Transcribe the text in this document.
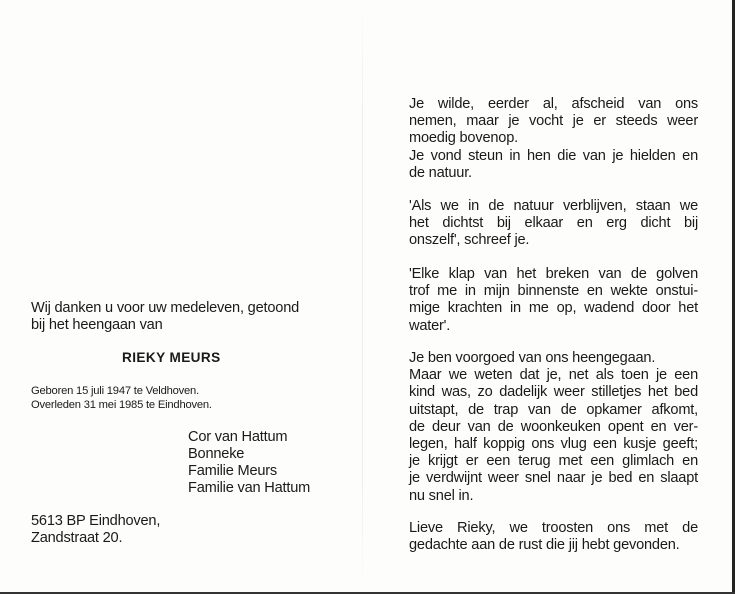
Wij danken u voor uw medeleven, getoond

bij het heengaan van

RIEKY MEURS

Geboren 15 juli 1947 te Veldhoven.

Overleden 31 mei 1985 te Eindhoven.

Cor van Hattum

Bonneke

Familie Meurs

Familie van Hattum

5613 BP Eindhoven,

Zandstraat 20.

Je wilde, eerder al, afscheid van ons
nemen, maar je vocht je er steeds weer
moedig bovenop.
Je vond steun in hen die van je hielden en
de natuur.
'Als we in de natuur verblijven, staan we
het dichtst bij elkaar en erg dicht bij
onszelf', schreef je.
'Elke klap van het breken van de golven
trof me in mijn binnenste en wekte onstui-
mige krachten in me op, wadend door het
water'.
Je ben voorgoed van ons heengegaan.
Maar we weten dat je, net als toen je een
kind was, zo dadelijk weer stilletjes het bed
uitstapt, de trap van de opkamer afkomt,
de deur van de woonkeuken opent en ver-
legen, half koppig ons vlug een kusje geeft;
je krijgt er een terug met een glimlach en
je verdwijnt weer snel naar je bed en slaapt
nu snel in.
Lieve Rieky, we troosten ons met de
gedachte aan de rust die jij hebt gevonden.
